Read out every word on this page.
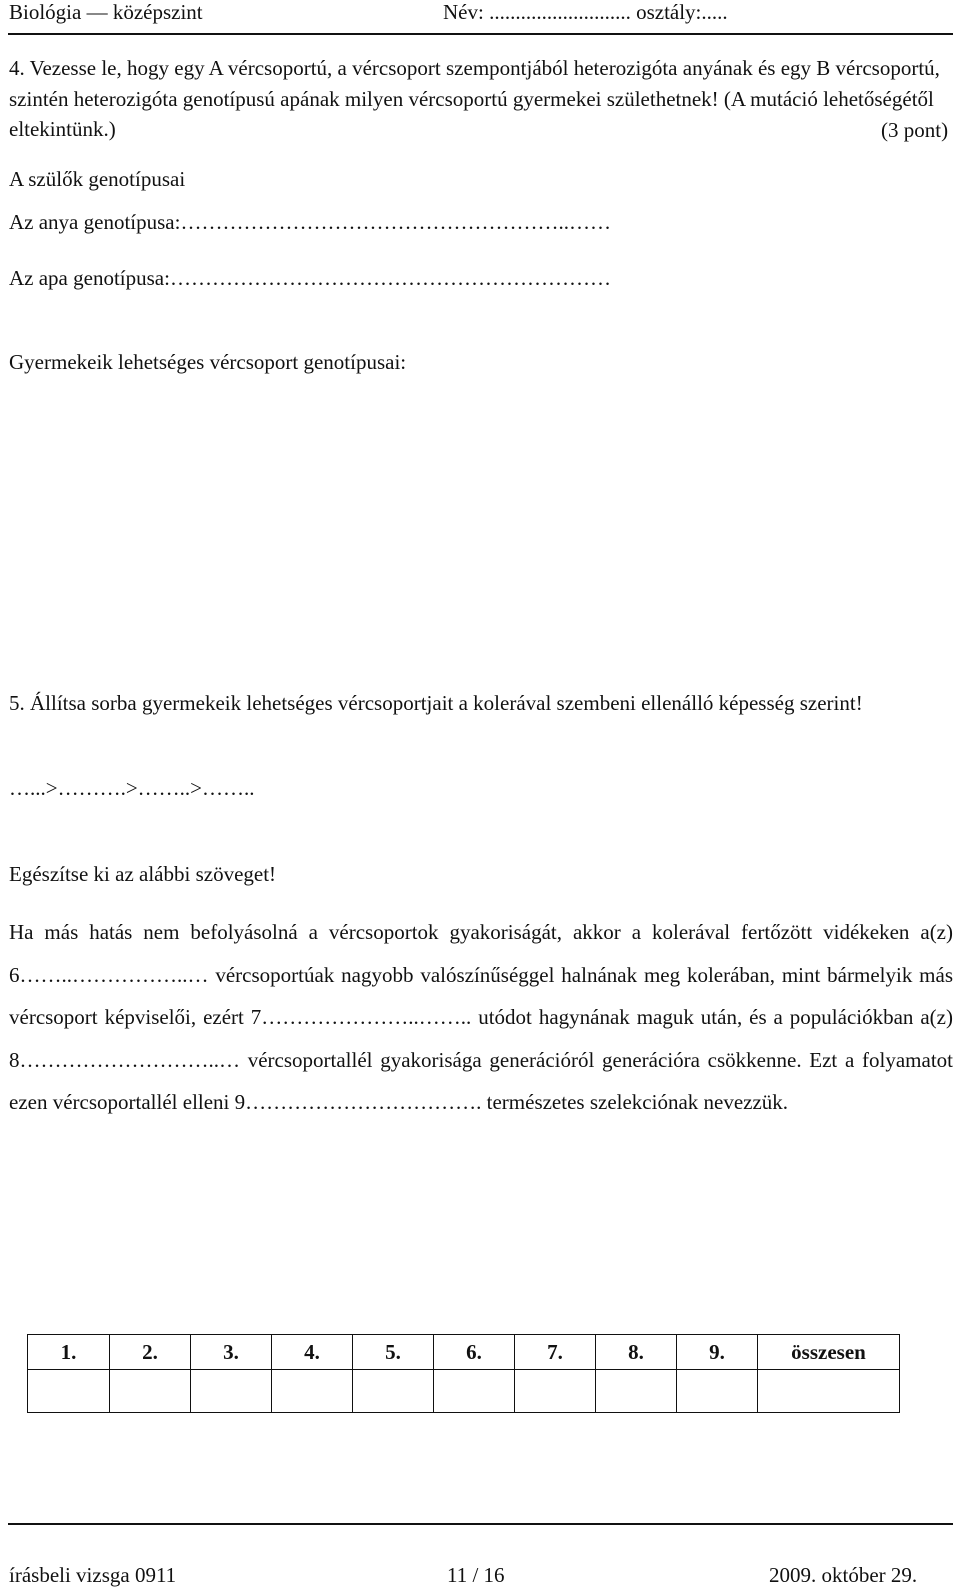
Biológia — középszint	Név: ........................... osztály:.....
4. Vezesse le, hogy egy A vércsoportú, a vércsoport szempontjából heterozigóta anyának és egy B vércsoportú, szintén heterozigóta genotípusú apának milyen vércsoportú gyermekei születhetnek! (A mutáció lehetőségétől eltekintünk.)	(3 pont)
A szülők genotípusai
Az anya genotípusa:………………………………………………..……
Az apa genotípusa:………………………………………………………
Gyermekeik lehetséges vércsoport genotípusai:
5. Állítsa sorba gyermekeik lehetséges vércsoportjait a kolerával szembeni ellenálló képesség szerint!
…...>……….>……..>……..
Egészítse ki az alábbi szöveget!
Ha más hatás nem befolyásolná a vércsoportok gyakoriságát, akkor a kolerával fertőzött vidékeken a(z) 6……..……………..… vércsoportúak nagyobb valószínűséggel halnának meg kolerában, mint bármelyik más vércsoport képviselői, ezért 7…………………..…….. utódot hagynának maguk után, és a populációkban a(z) 8………………………..… vércsoportallél gyakorisága generációról generációra csökkenne. Ezt a folyamatot ezen vércsoportallél elleni 9……………………………. természetes szelekciónak nevezzük.
1.	2.	3.	4.	5.	6.	7.	8.	9.	összesen

írásbeli vizsga 0911	11 / 16	2009. október 29.
